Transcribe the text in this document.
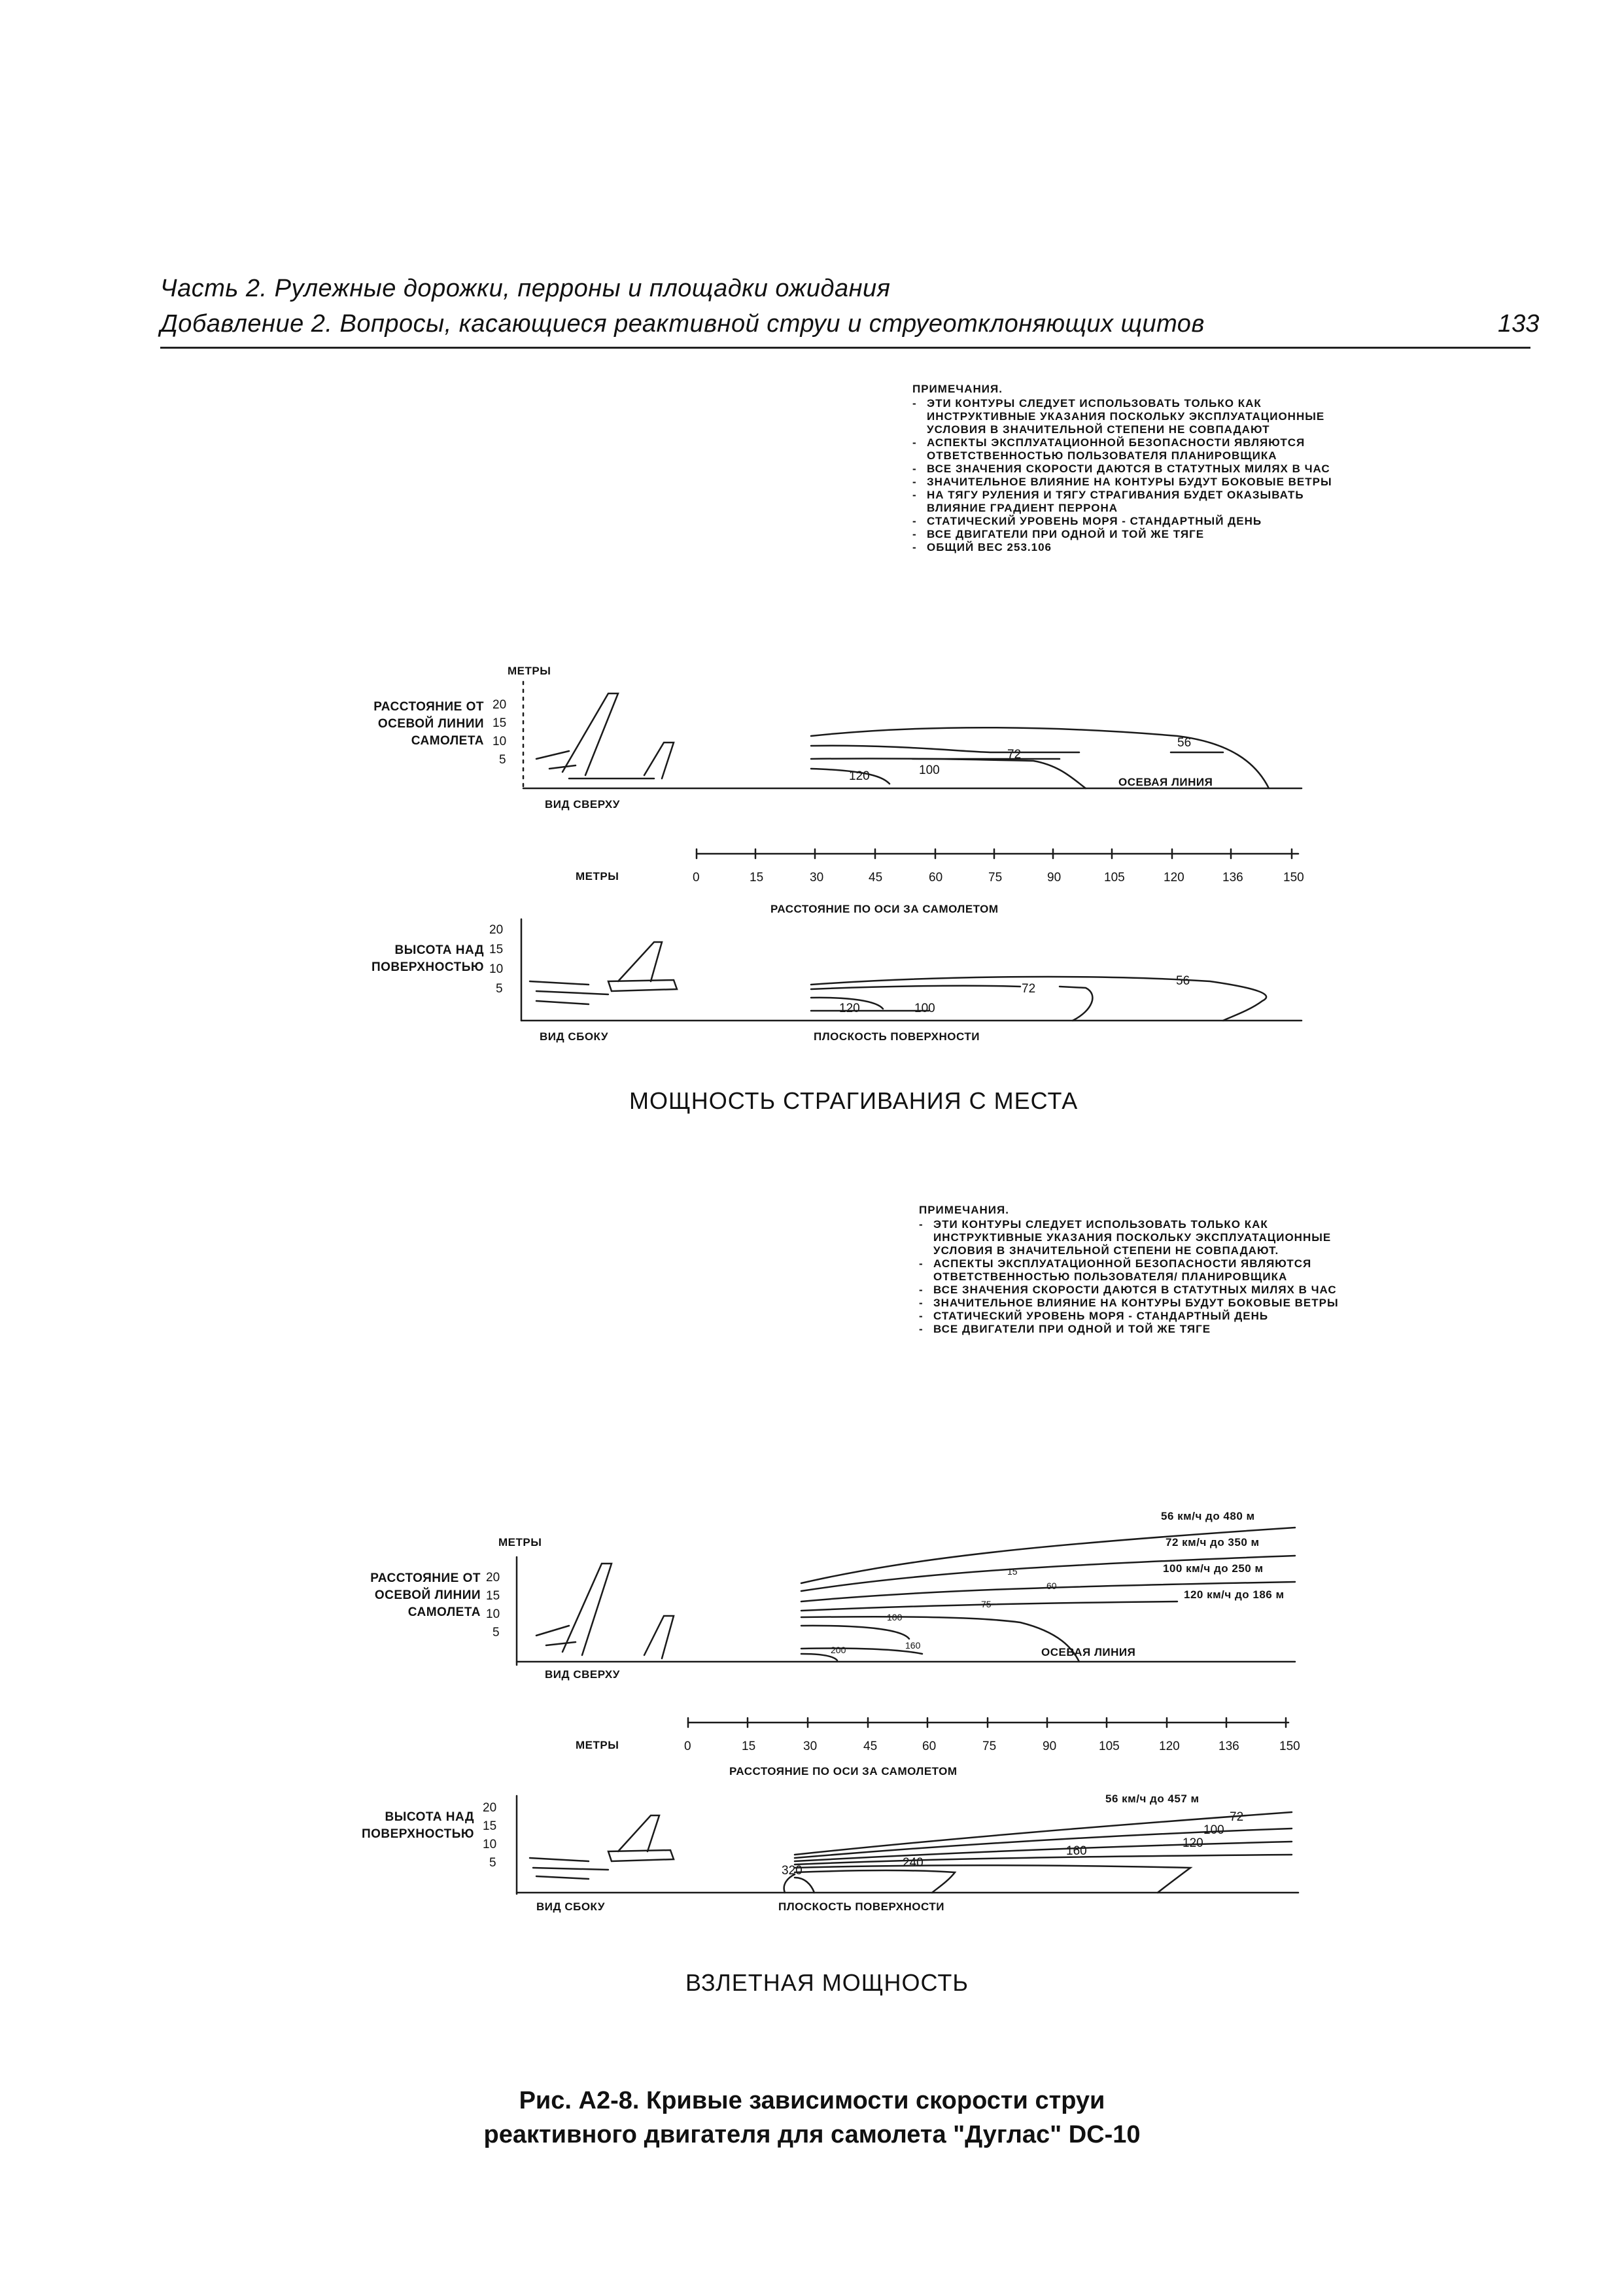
Часть 2. Рулежные дорожки, перроны и площадки ожидания
Добавление 2. Вопросы, касающиеся реактивной струи и струеотклоняющих щитов	133
ПРИМЕЧАНИЯ.
- ЭТИ КОНТУРЫ СЛЕДУЕТ ИСПОЛЬЗОВАТЬ ТОЛЬКО КАК ИНСТРУКТИВНЫЕ УКАЗАНИЯ ПОСКОЛЬКУ ЭКСПЛУАТАЦИОННЫЕ УСЛОВИЯ В ЗНАЧИТЕЛЬНОЙ СТЕПЕНИ НЕ СОВПАДАЮТ
- АСПЕКТЫ ЭКСПЛУАТАЦИОННОЙ БЕЗОПАСНОСТИ ЯВЛЯЮТСЯ ОТВЕТСТВЕННОСТЬЮ ПОЛЬЗОВАТЕЛЯ ПЛАНИРОВЩИКА
- ВСЕ ЗНАЧЕНИЯ СКОРОСТИ ДАЮТСЯ В СТАТУТНЫХ МИЛЯХ В ЧАС
- ЗНАЧИТЕЛЬНОЕ ВЛИЯНИЕ НА КОНТУРЫ БУДУТ БОКОВЫЕ ВЕТРЫ
- НА ТЯГУ РУЛЕНИЯ И ТЯГУ СТРАГИВАНИЯ БУДЕТ ОКАЗЫВАТЬ ВЛИЯНИЕ ГРАДИЕНТ ПЕРРОНА
- СТАТИЧЕСКИЙ УРОВЕНЬ МОРЯ - СТАНДАРТНЫЙ ДЕНЬ
- ВСЕ ДВИГАТЕЛИ ПРИ ОДНОЙ И ТОЙ ЖЕ ТЯГЕ
- ОБЩИЙ ВЕС 253.106
МЕТРЫ
РАССТОЯНИЕ ОТ ОСЕВОЙ ЛИНИИ САМОЛЕТА
20
15
10
5
56
72
100
120	ОСЕВАЯ ЛИНИЯ
ВИД СВЕРХУ
МЕТРЫ	0	15	30	45	60	75	90	105	120	136	150
РАССТОЯНИЕ ПО ОСИ ЗА САМОЛЕТОМ
ВЫСОТА НАД ПОВЕРХНОСТЬЮ
20
15
10
5
56
72
100
120
ВИД СБОКУ	ПЛОСКОСТЬ ПОВЕРХНОСТИ
МОЩНОСТЬ СТРАГИВАНИЯ С МЕСТА
ПРИМЕЧАНИЯ.
- ЭТИ КОНТУРЫ СЛЕДУЕТ ИСПОЛЬЗОВАТЬ ТОЛЬКО КАК ИНСТРУКТИВНЫЕ УКАЗАНИЯ ПОСКОЛЬКУ ЭКСПЛУАТАЦИОННЫЕ УСЛОВИЯ В ЗНАЧИТЕЛЬНОЙ СТЕПЕНИ НЕ СОВПАДАЮТ.
- АСПЕКТЫ ЭКСПЛУАТАЦИОННОЙ БЕЗОПАСНОСТИ ЯВЛЯЮТСЯ ОТВЕТСТВЕННОСТЬЮ ПОЛЬЗОВАТЕЛЯ/ ПЛАНИРОВЩИКА
- ВСЕ ЗНАЧЕНИЯ СКОРОСТИ ДАЮТСЯ В СТАТУТНЫХ МИЛЯХ В ЧАС
- ЗНАЧИТЕЛЬНОЕ ВЛИЯНИЕ НА КОНТУРЫ БУДУТ БОКОВЫЕ ВЕТРЫ
- СТАТИЧЕСКИЙ УРОВЕНЬ МОРЯ - СТАНДАРТНЫЙ ДЕНЬ
- ВСЕ ДВИГАТЕЛИ ПРИ ОДНОЙ И ТОЙ ЖЕ ТЯГЕ
МЕТРЫ
РАССТОЯНИЕ ОТ ОСЕВОЙ ЛИНИИ САМОЛЕТА
20
15
10
5
56 км/ч до 480 м
72 км/ч до 350 м
100 км/ч до 250 м
120 км/ч до 186 м
15
60
75
100
160
200	ОСЕВАЯ ЛИНИЯ
ВИД СВЕРХУ
МЕТРЫ	0	15	30	45	60	75	90	105	120	136	150
РАССТОЯНИЕ ПО ОСИ ЗА САМОЛЕТОМ
ВЫСОТА НАД ПОВЕРХНОСТЬЮ
20
15
10
5
56 км/ч до 457 м
72
100
120
160
240
320
ВИД СБОКУ	ПЛОСКОСТЬ ПОВЕРХНОСТИ
ВЗЛЕТНАЯ МОЩНОСТЬ
Рис. А2-8. Кривые зависимости скорости струи
реактивного двигателя для самолета "Дуглас" DC-10
